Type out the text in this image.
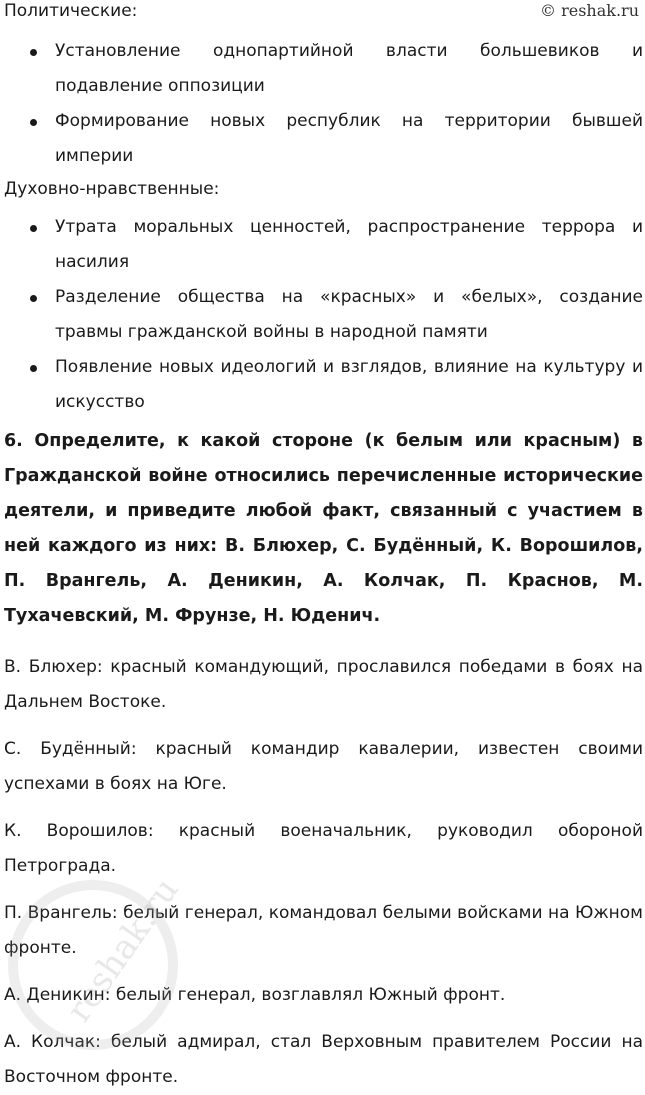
Политические:	© reshak.ru
Установление однопартийной власти большевиков и подавление оппозиции
Формирование новых республик на территории бывшей империи
Духовно-нравственные:
Утрата моральных ценностей, распространение террора и насилия
Разделение общества на «красных» и «белых», создание травмы гражданской войны в народной памяти
Появление новых идеологий и взглядов, влияние на культуру и искусство

6. Определите, к какой стороне (к белым или красным) в Гражданской войне относились перечисленные исторические деятели, и приведите любой факт, связанный с участием в ней каждого из них: В. Блюхер, С. Будённый, К. Ворошилов, П. Врангель, А. Деникин, А. Колчак, П. Краснов, М. Тухачевский, М. Фрунзе, Н. Юденич.

В. Блюхер: красный командующий, прославился победами в боях на Дальнем Востоке.

С. Будённый: красный командир кавалерии, известен своими успехами в боях на Юге.

К. Ворошилов: красный военачальник, руководил обороной Петрограда.

П. Врангель: белый генерал, командовал белыми войсками на Южном фронте.

А. Деникин: белый генерал, возглавлял Южный фронт.

А. Колчак: белый адмирал, стал Верховным правителем России на Восточном фронте.

reshak.ru
